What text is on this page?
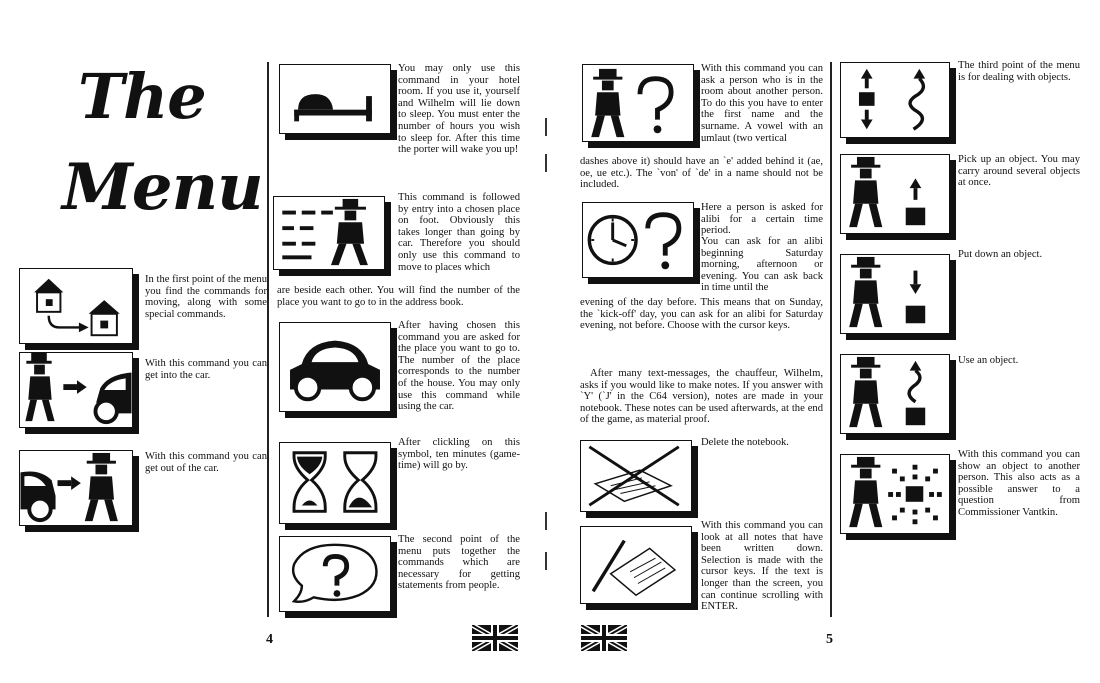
The
Menu
In the first point of the menu you find the commands for moving, along with some special commands.
With this command you can get into the car.
With this command you can get out of the car.
4
You may only use this command in your hotel room. If you use it, yourself and Wilhelm will lie down to sleep. You must enter the number of hours you wish to sleep for. After this time the porter will wake you up!
This command is followed by entry into a chosen place on foot. Obviously this takes longer than going by car. Therefore you should only use this command to move to places which
are beside each other. You will find the number of the place you want to go to in the address book.
After having chosen this command you are asked for the place you want to go to. The number of the place corresponds to the number of the house. You may only use this command while using the car.
After clickling on this symbol, ten minutes (game-time) will go by.
The second point of the menu puts together the commands which are necessary for getting statements from people.
With this command you can ask a person who is in the room about another person. To do this you have to enter the first name and the surname. A vowel with an umlaut (two vertical
dashes above it) should have an `e' added behind it (ae, oe, ue etc.). The `von' of `de' in a name should not be included.
Here a person is asked for alibi for a certain time period.
You can ask for an alibi beginning Saturday morning, afternoon or evening. You can ask back in time until the
evening of the day before. This means that on Sunday, the `kick-off' day, you can ask for an alibi for Saturday evening, not before. Choose with the cursor keys.
After many text-messages, the chauffeur, Wilhelm, asks if you would like to make notes. If you answer with `Y' (`J' in the C64 version), notes are made in your notebook. These notes can be used afterwards, at the end of the game, as material proof.
Delete the notebook.
With this command you can look at all notes that have been written down. Selection is made with the cursor keys. If the text is longer than the screen, you can continue scrolling with ENTER.
5
The third point of the menu is for dealing with objects.
Pick up an object. You may carry around several objects at once.
Put down an object.
Use an object.
With this command you can show an object to another person. This also acts as a possible answer to a question from Commissioner Vantkin.
